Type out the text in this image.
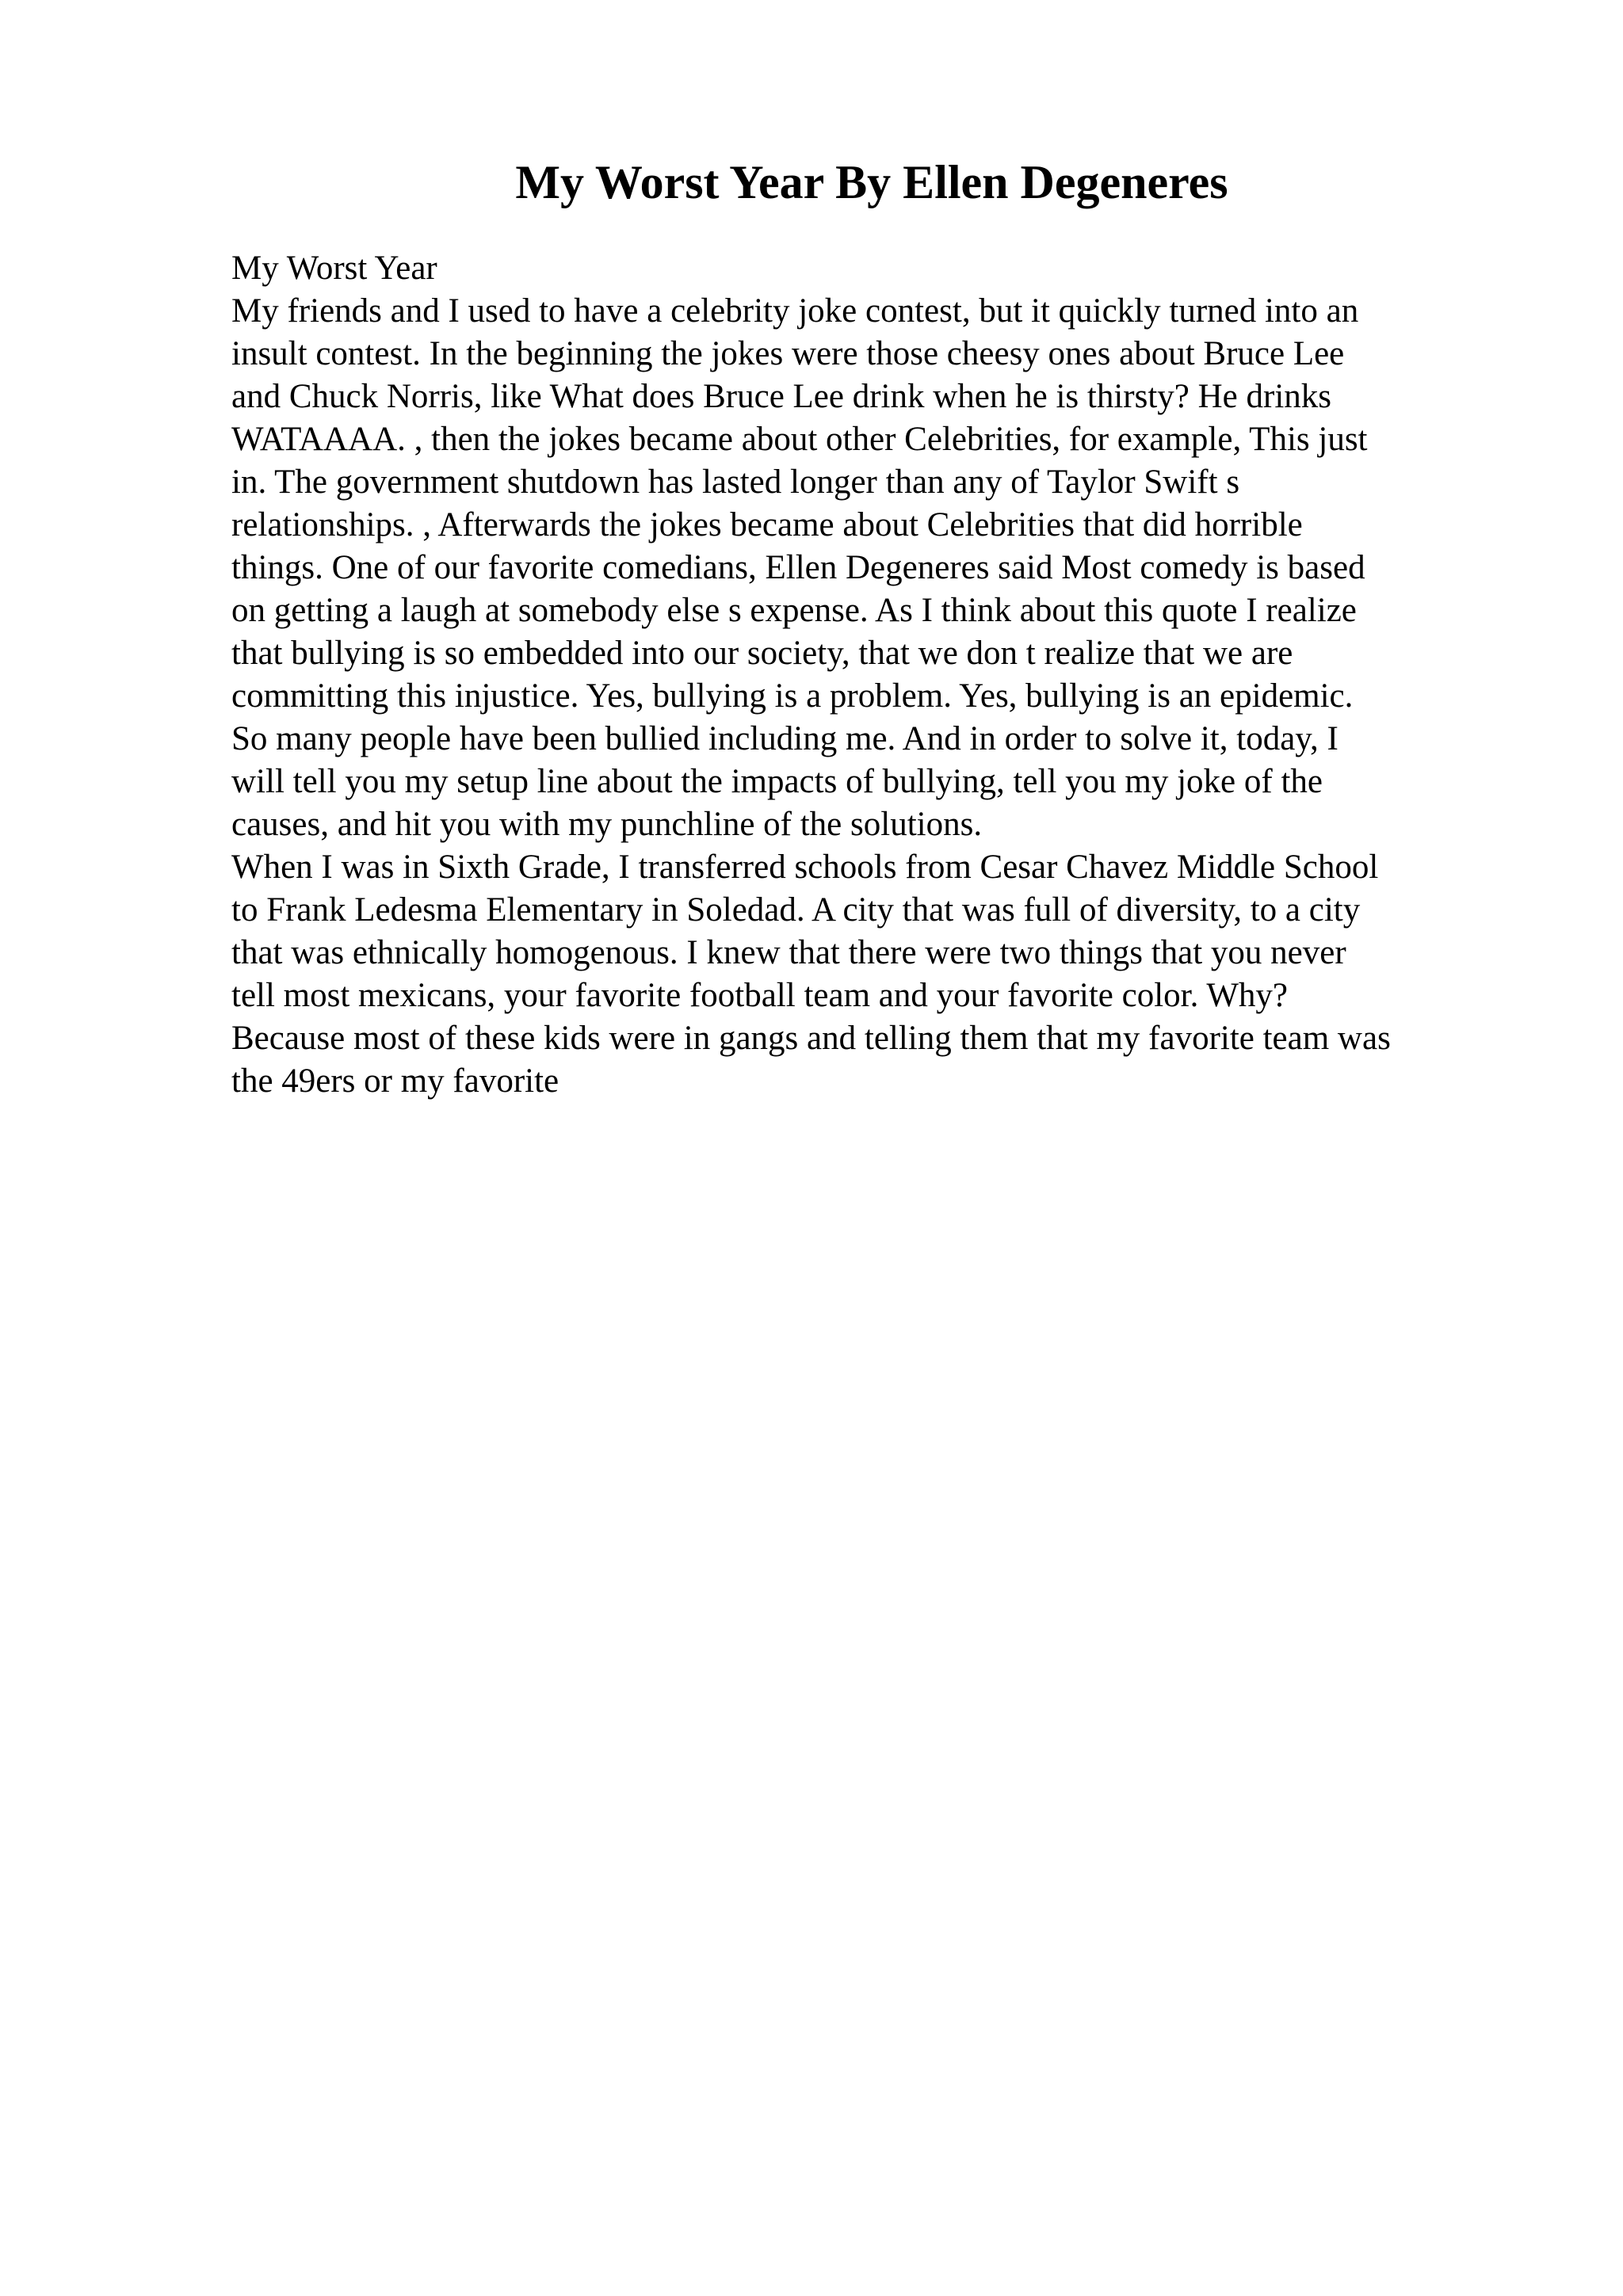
My Worst Year By Ellen Degeneres
My Worst Year
My friends and I used to have a celebrity joke contest, but it quickly turned into an
insult contest. In the beginning the jokes were those cheesy ones about Bruce Lee
and Chuck Norris, like What does Bruce Lee drink when he is thirsty? He drinks
WATAAAA. , then the jokes became about other Celebrities, for example, This just
in. The government shutdown has lasted longer than any of Taylor Swift s
relationships. , Afterwards the jokes became about Celebrities that did horrible
things. One of our favorite comedians, Ellen Degeneres said Most comedy is based
on getting a laugh at somebody else s expense. As I think about this quote I realize
that bullying is so embedded into our society, that we don t realize that we are
committing this injustice. Yes, bullying is a problem. Yes, bullying is an epidemic.
So many people have been bullied including me. And in order to solve it, today, I
will tell you my setup line about the impacts of bullying, tell you my joke of the
causes, and hit you with my punchline of the solutions.
When I was in Sixth Grade, I transferred schools from Cesar Chavez Middle School
to Frank Ledesma Elementary in Soledad. A city that was full of diversity, to a city
that was ethnically homogenous. I knew that there were two things that you never
tell most mexicans, your favorite football team and your favorite color. Why?
Because most of these kids were in gangs and telling them that my favorite team was
the 49ers or my favorite
